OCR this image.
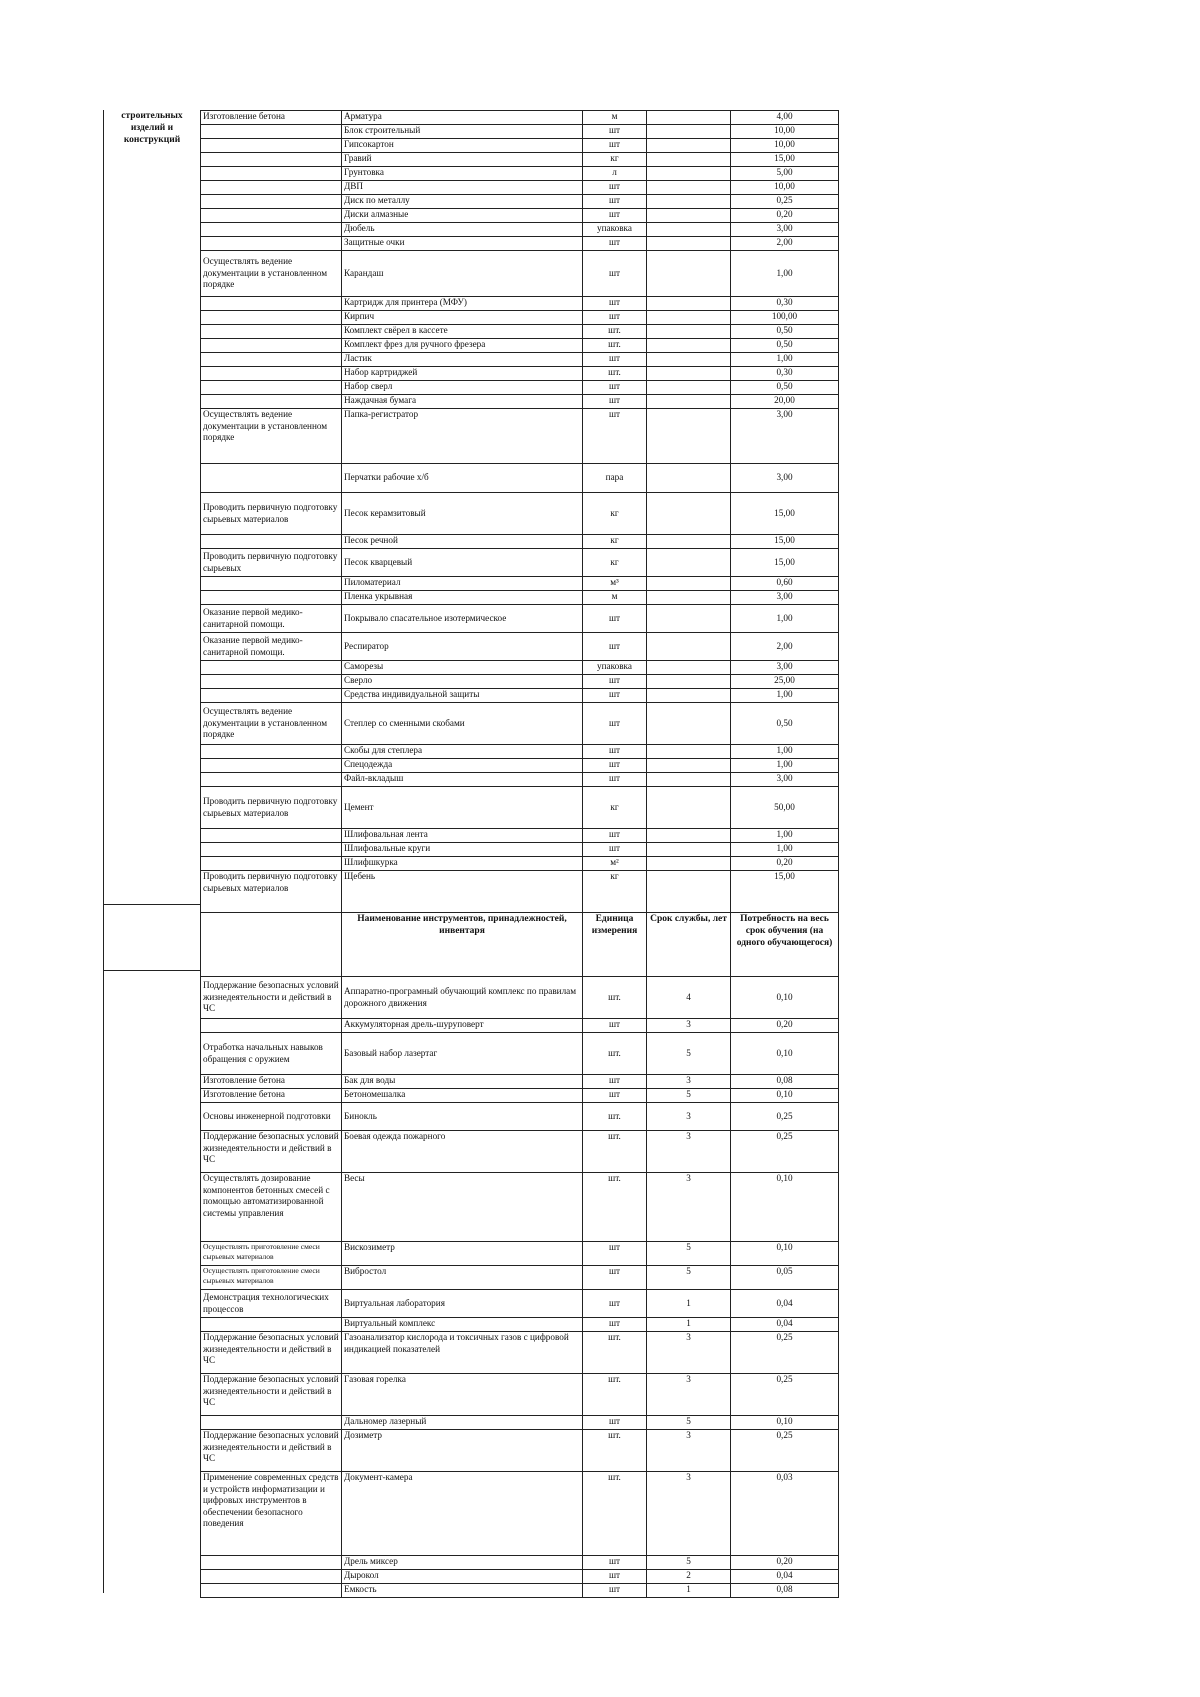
строительных изделий и конструкций
Изготовление бетона	Арматура	м		4,00
	Блок строительный	шт		10,00
	Гипсокартон	шт		10,00
	Гравий	кг		15,00
	Грунтовка	л		5,00
	ДВП	шт		10,00
	Диск по металлу	шт		0,25
	Диски алмазные	шт		0,20
	Дюбель	упаковка		3,00
	Защитные очки	шт		2,00
Осуществлять ведение документации в установленном порядке	Карандаш	шт		1,00
	Картридж для принтера (МФУ)	шт		0,30
	Кирпич	шт		100,00
	Комплект свёрел в кассете	шт.		0,50
	Комплект фрез для ручного фрезера	шт.		0,50
	Ластик	шт		1,00
	Набор картриджей	шт.		0,30
	Набор сверл	шт		0,50
	Наждачная бумага	шт		20,00
Осуществлять ведение документации в установленном порядке	Папка-регистратор	шт		3,00
	Перчатки рабочие х/б	пара		3,00
Проводить первичную подготовку сырьевых материалов	Песок керамзитовый	кг		15,00
	Песок речной	кг		15,00
Проводить первичную подготовку сырьевых	Песок кварцевый	кг		15,00
	Пиломатериал	м³		0,60
	Пленка укрывная	м		3,00
Оказание первой медико-санитарной помощи.	Покрывало спасательное изотермическое	шт		1,00
Оказание первой медико-санитарной помощи.	Респиратор	шт		2,00
	Саморезы	упаковка		3,00
	Сверло	шт		25,00
	Средства индивидуальной защиты	шт		1,00
Осуществлять ведение документации в установленном порядке	Степлер со сменными скобами	шт		0,50
	Скобы для степлера	шт		1,00
	Спецодежда	шт		1,00
	Файл-вкладыш	шт		3,00
Проводить первичную подготовку сырьевых материалов	Цемент	кг		50,00
	Шлифовальная лента	шт		1,00
	Шлифовальные круги	шт		1,00
	Шлифшкурка	м²		0,20
Проводить первичную подготовку сырьевых материалов	Щебень	кг		15,00
	Наименование инструментов, принадлежностей, инвентаря	Единица измерения	Срок службы, лет	Потребность на весь срок обучения (на одного обучающегося)
Поддержание безопасных условий жизнедеятельности и действий в ЧС	Аппаратно-програмный обучающий комплекс по правилам дорожного движения	шт.	4	0,10
	Аккумуляторная дрель-шуруповерт	шт	3	0,20
Отработка начальных навыков обращения с оружием	Базовый набор лазертаг	шт.	5	0,10
Изготовление бетона	Бак для воды	шт	3	0,08
Изготовление бетона	Бетономешалка	шт	5	0,10
Основы инженерной подготовки	Бинокль	шт.	3	0,25
Поддержание безопасных условий жизнедеятельности и действий в ЧС	Боевая одежда пожарного	шт.	3	0,25
Осуществлять дозирование компонентов бетонных смесей с помощью автоматизированной системы управления	Весы	шт.	3	0,10
Осуществлять приготовление смеси сырьевых материалов	Вискозиметр	шт	5	0,10
Осуществлять приготовление смеси сырьевых материалов	Вибростол	шт	5	0,05
Демонстрация технологических процессов	Виртуальная лаборатория	шт	1	0,04
	Виртуальный комплекс	шт	1	0,04
Поддержание безопасных условий жизнедеятельности и действий в ЧС	Газоанализатор кислорода и токсичных газов с цифровой индикацией показателей	шт.	3	0,25
Поддержание безопасных условий жизнедеятельности и действий в ЧС	Газовая горелка	шт.	3	0,25
	Дальномер лазерный	шт	5	0,10
Поддержание безопасных условий жизнедеятельности и действий в ЧС	Дозиметр	шт.	3	0,25
Применение современных средств и устройств информатизации и цифровых инструментов в обеспечении безопасного поведения	Документ-камера	шт.	3	0,03
	Дрель миксер	шт	5	0,20
	Дырокол	шт	2	0,04
	Емкость	шт	1	0,08
